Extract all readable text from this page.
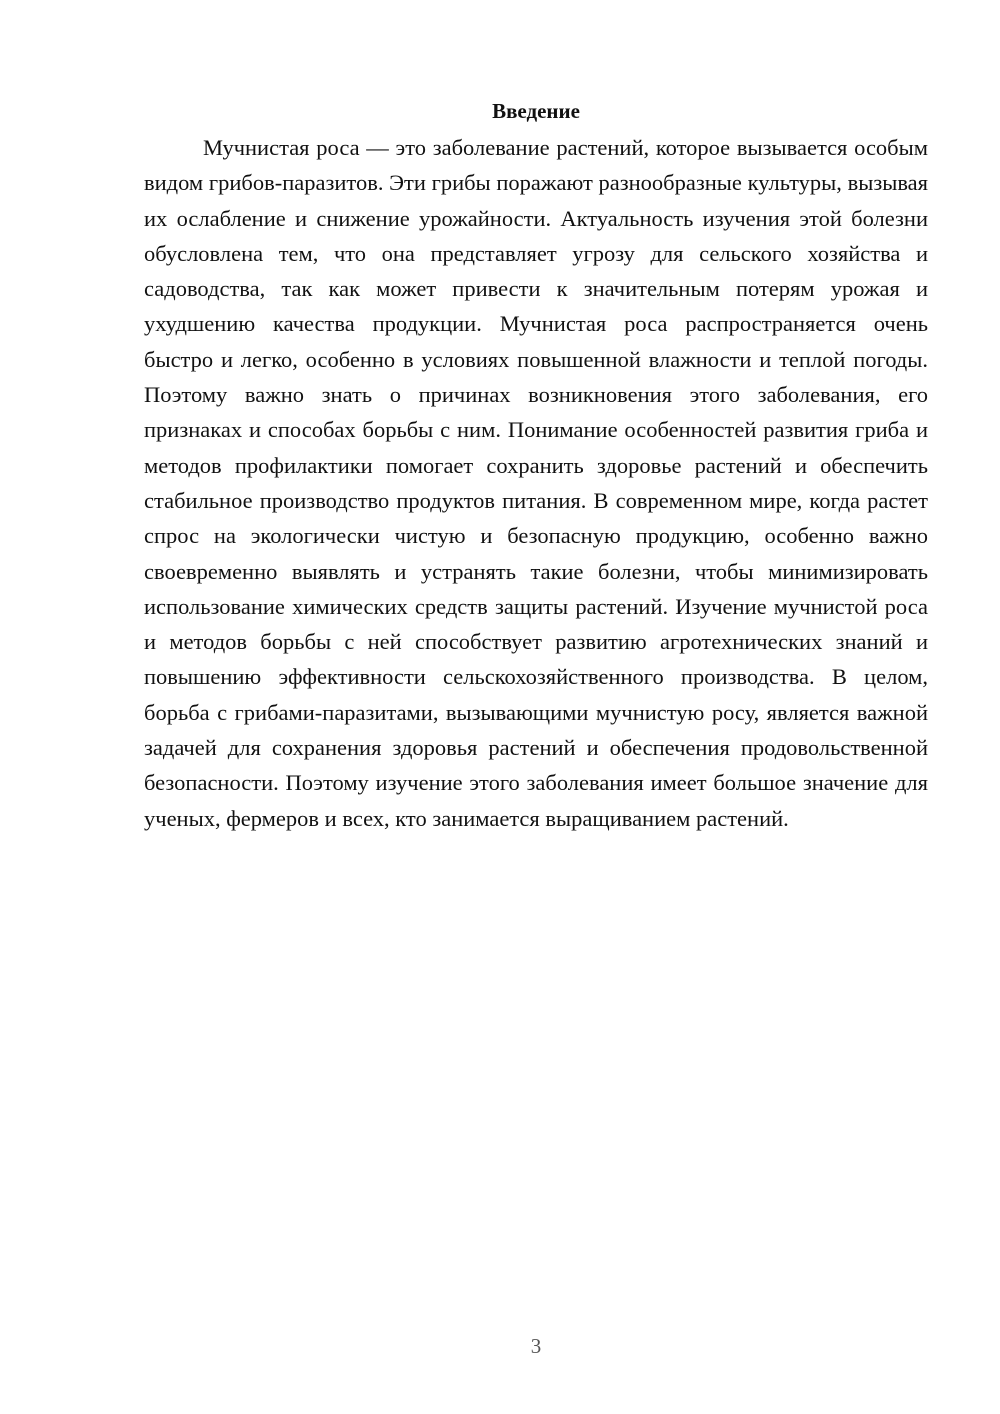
Введение

Мучнистая роса — это заболевание растений, которое вызывается особым видом грибов-паразитов. Эти грибы поражают разнообразные культуры, вызывая их ослабление и снижение урожайности. Актуальность изучения этой болезни обусловлена тем, что она представляет угрозу для сельского хозяйства и садоводства, так как может привести к значительным потерям урожая и ухудшению качества продукции. Мучнистая роса распространяется очень быстро и легко, особенно в условиях повышенной влажности и теплой погоды. Поэтому важно знать о причинах возникновения этого заболевания, его признаках и способах борьбы с ним. Понимание особенностей развития гриба и методов профилактики помогает сохранить здоровье растений и обеспечить стабильное производство продуктов питания. В современном мире, когда растет спрос на экологически чистую и безопасную продукцию, особенно важно своевременно выявлять и устранять такие болезни, чтобы минимизировать использование химических средств защиты растений. Изучение мучнистой роса и методов борьбы с ней способствует развитию агротехнических знаний и повышению эффективности сельскохозяйственного производства. В целом, борьба с грибами-паразитами, вызывающими мучнистую росу, является важной задачей для сохранения здоровья растений и обеспечения продовольственной безопасности. Поэтому изучение этого заболевания имеет большое значение для ученых, фермеров и всех, кто занимается выращиванием растений.

3
